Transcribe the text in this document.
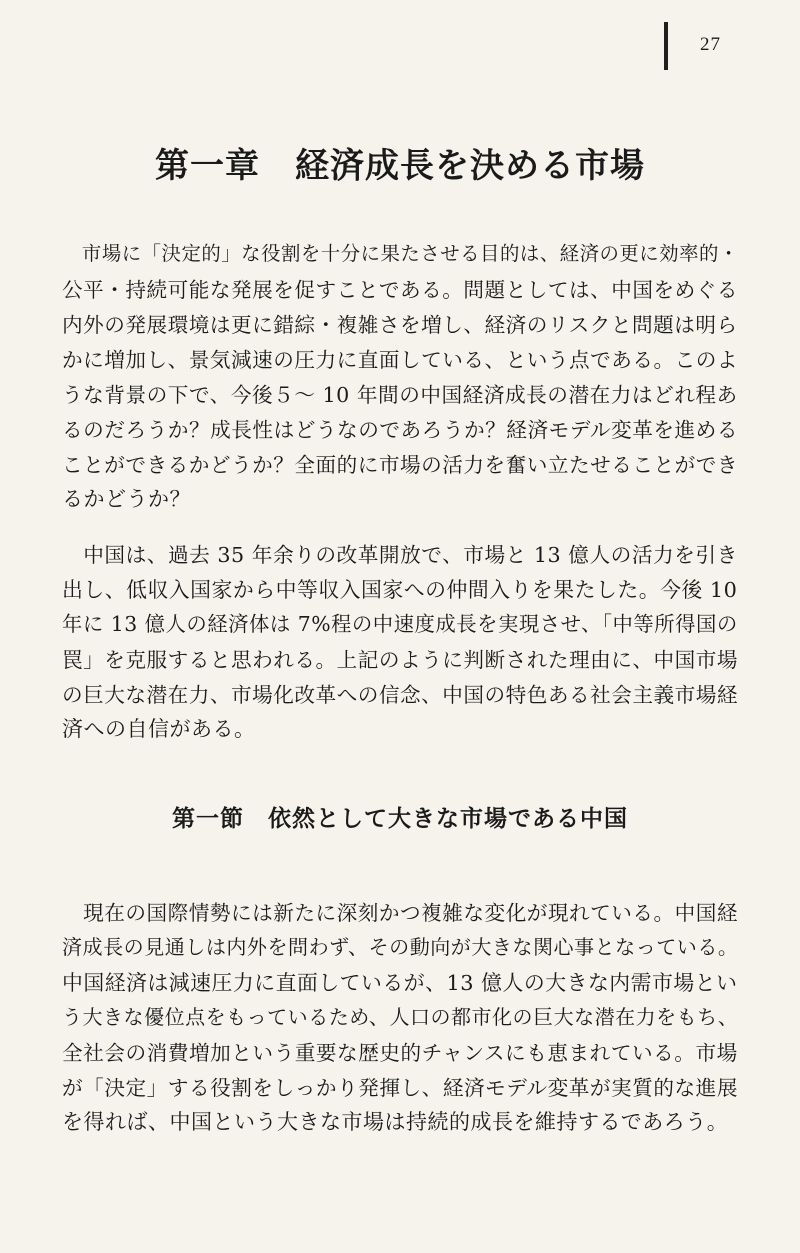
27
第一章　経済成長を決める市場
　市場に「決定的」な役割を十分に果たさせる目的は、経済の更に効率的・
公平・持続可能な発展を促すことである。問題としては、中国をめぐる
内外の発展環境は更に錯綜・複雑さを増し、経済のリスクと問題は明ら
かに増加し、景気減速の圧力に直面している、という点である。このよ
うな背景の下で、今後５～ 10 年間の中国経済成長の潜在力はどれ程あ
るのだろうか？成長性はどうなのであろうか？経済モデル変革を進める
ことができるかどうか？全面的に市場の活力を奮い立たせることができ
るかどうか？
　中国は、過去 35 年余りの改革開放で、市場と 13 億人の活力を引き
出し、低収入国家から中等収入国家への仲間入りを果たした。今後 10
年に 13 億人の経済体は 7%程の中速度成長を実現させ、「中等所得国の
罠」を克服すると思われる。上記のように判断された理由に、中国市場
の巨大な潜在力、市場化改革への信念、中国の特色ある社会主義市場経
済への自信がある。
第一節　依然として大きな市場である中国
　現在の国際情勢には新たに深刻かつ複雑な変化が現れている。中国経
済成長の見通しは内外を問わず、その動向が大きな関心事となっている。
中国経済は減速圧力に直面しているが、13 億人の大きな内需市場とい
う大きな優位点をもっているため、人口の都市化の巨大な潜在力をもち、
全社会の消費増加という重要な歴史的チャンスにも恵まれている。市場
が「決定」する役割をしっかり発揮し、経済モデル変革が実質的な進展
を得れば、中国という大きな市場は持続的成長を維持するであろう。
